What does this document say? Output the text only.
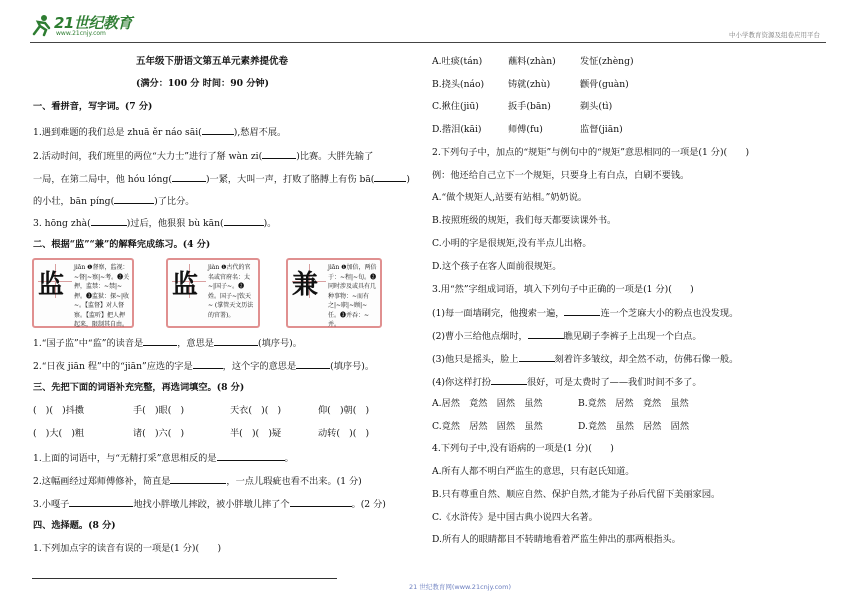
21世纪教育
www.21cnjy.com	中小学教育资源及组卷应用平台
五年级下册语文第五单元素养提优卷
(满分：100 分 时间：90 分钟)
一、看拼音，写字词。(7 分)
1.遇到难题的我们总是 zhuā ěr náo sāi(	),愁眉不展。
2.活动时间，我们班里的两位“大力士”进行了掰 wàn zi(	)比赛。大胖先输了
一局，在第二局中，他 hóu lóng(	)一紧，大叫一声，打败了胳膊上有伤 bā(	)
的小壮，bān píng(	)了比分。
3. hōng zhà(	)过后，他狠狠 bù kān(	)。
二、根据“监”“兼”的解释完成练习。(4 分)
监
jiān ❶督察，监视：~督|~察|~考。❷关押，监禁：~禁|~押。❸监狱：探~|收~。【监督】对人督察。【监听】把人押起来，限制其自由。
监
jiàn ❶古代的官名或官府名：太~|国子~。❷姓。国子~|钦天~ (掌管天文历法的官署)。
兼
jiān ❶加倍，两倍于：~程|~旬。❷同时涉及或具有几种事物：~而有之|~职|~顾|~任。❸并吞：~并。
1.“国子监”中“监”的读音是	，意思是	(填序号)。
2.“日夜 jiān 程”中的“jiān”应选的字是	，这个字的意思是	(填序号)。
三、先把下面的词语补充完整，再选词填空。(8 分)
(　)(　)抖擞	手(　)眼(　)	天衣(　)(　)	仰(　)朝(　)
(　)大(　)粗	诸(　)六(　)	半(　)(　)疑	动转(　)(　)
1.上面的词语中，与“无精打采”意思相反的是	。
2.这幅画经过郑师傅修补，简直是	，一点儿瑕疵也看不出来。(1 分)
3.小嘎子	地找小胖墩儿摔跤，被小胖墩儿摔了个	。(2 分)
四、选择题。(8 分)
1.下列加点字的读音有误的一项是(1 分)(　　)
21 世纪教育网(www.21cnjy.com)
A.吐痰(tán)	蘸料(zhàn)	发怔(zhèng)
B.挠头(náo)	铸就(zhù)	颧骨(guàn)
C.揪住(jiū)	扳手(bān)	剃头(tì)
D.揩泪(kāi)	师傅(fu)	监督(jiān)
2.下列句子中，加点的“规矩”与例句中的“规矩”意思相同的一项是(1 分)(　　)
例：他还给自己立下一个规矩，只要身上有白点，白刷不要钱。
A.“做个规矩人,站要有站相。”奶奶说。
B.按照班级的规矩，我们每天都要读课外书。
C.小明的字是很规矩,没有半点儿出格。
D.这个孩子在客人面前很规矩。
3.用“然”字组成词语，填入下列句子中正确的一项是(1 分)(　　)
(1)每一面墙刷完，他搜索一遍，	连一个芝麻大小的粉点也没发现。
(2)曹小三给他点烟时，	瞧见刷子李裤子上出现一个白点。
(3)他只是摇头，脸上	刻着许多皱纹，却全然不动，仿佛石像一般。
(4)你这样打扮	很好，可是太费时了——我们时间不多了。
A.居然  竟然  固然  虽然	B.竟然  居然  竟然  虽然
C.竟然  居然  固然  虽然	D.竟然  虽然  居然  固然
4.下列句子中,没有语病的一项是(1 分)(　　)
A.所有人都不明白严监生的意思，只有赵氏知道。
B.只有尊重自然、顺应自然、保护自然,才能为子孙后代留下美丽家园。
C.《水浒传》是中国古典小说四大名著。
D.所有人的眼睛都目不转睛地看着严监生伸出的那两根指头。
